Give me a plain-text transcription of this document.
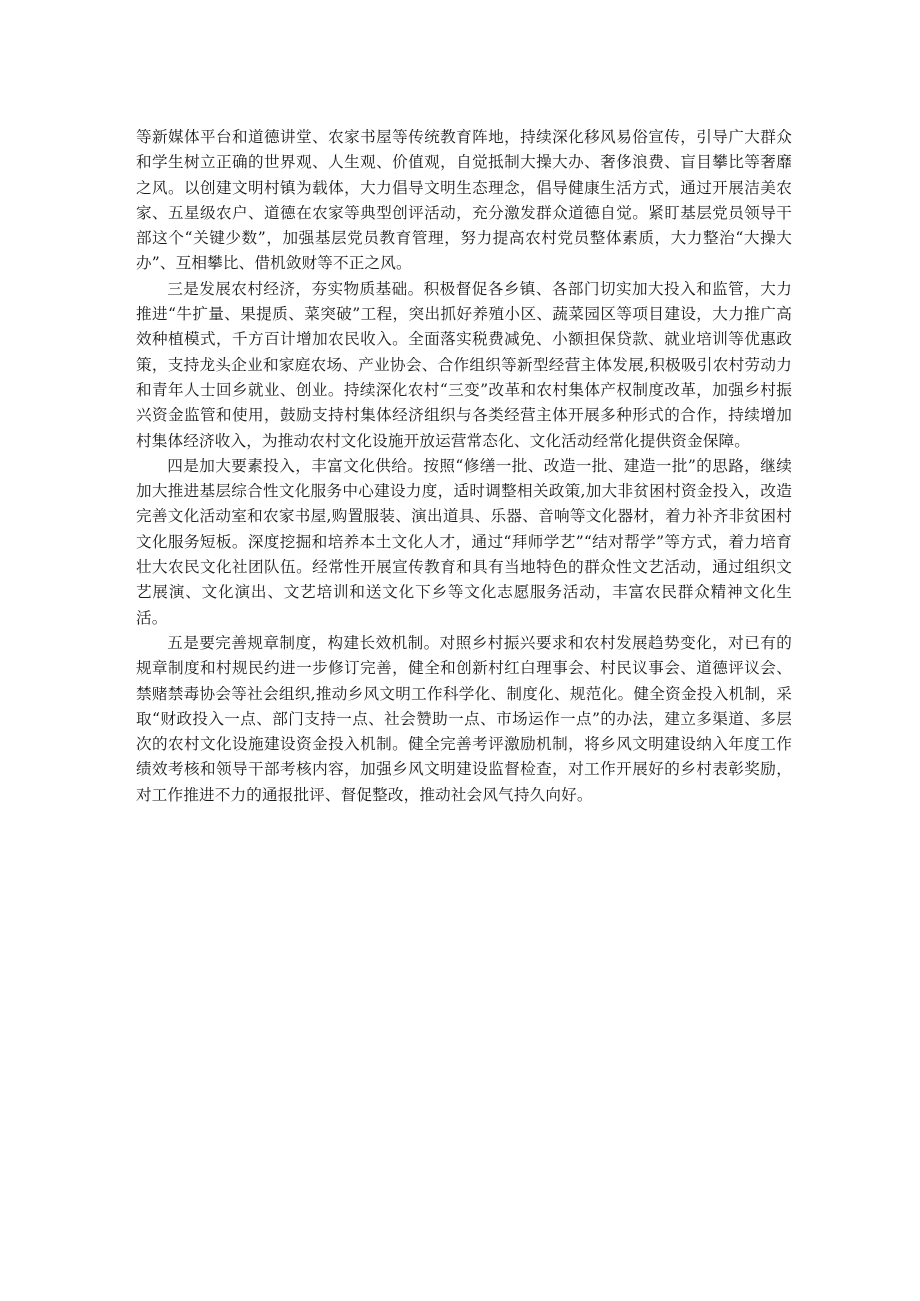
等新媒体平台和道德讲堂、农家书屋等传统教育阵地，持续深化移风易俗宣传，引导广大群众和学生树立正确的世界观、人生观、价值观，自觉抵制大操大办、奢侈浪费、盲目攀比等奢靡之风。以创建文明村镇为载体，大力倡导文明生态理念，倡导健康生活方式，通过开展洁美农家、五星级农户、道德在农家等典型创评活动，充分激发群众道德自觉。紧盯基层党员领导干部这个“关键少数”，加强基层党员教育管理，努力提高农村党员整体素质，大力整治“大操大办”、互相攀比、借机敛财等不正之风。

三是发展农村经济，夯实物质基础。积极督促各乡镇、各部门切实加大投入和监管，大力推进“牛扩量、果提质、菜突破”工程，突出抓好养殖小区、蔬菜园区等项目建设，大力推广高效种植模式，千方百计增加农民收入。全面落实税费减免、小额担保贷款、就业培训等优惠政策，支持龙头企业和家庭农场、产业协会、合作组织等新型经营主体发展,积极吸引农村劳动力和青年人士回乡就业、创业。持续深化农村“三变”改革和农村集体产权制度改革，加强乡村振兴资金监管和使用，鼓励支持村集体经济组织与各类经营主体开展多种形式的合作，持续增加村集体经济收入，为推动农村文化设施开放运营常态化、文化活动经常化提供资金保障。

四是加大要素投入，丰富文化供给。按照“修缮一批、改造一批、建造一批”的思路，继续加大推进基层综合性文化服务中心建设力度，适时调整相关政策,加大非贫困村资金投入，改造完善文化活动室和农家书屋,购置服装、演出道具、乐器、音响等文化器材，着力补齐非贫困村文化服务短板。深度挖掘和培养本土文化人才，通过“拜师学艺”“结对帮学”等方式，着力培育壮大农民文化社团队伍。经常性开展宣传教育和具有当地特色的群众性文艺活动，通过组织文艺展演、文化演出、文艺培训和送文化下乡等文化志愿服务活动，丰富农民群众精神文化生活。

五是要完善规章制度，构建长效机制。对照乡村振兴要求和农村发展趋势变化，对已有的规章制度和村规民约进一步修订完善，健全和创新村红白理事会、村民议事会、道德评议会、禁赌禁毒协会等社会组织,推动乡风文明工作科学化、制度化、规范化。健全资金投入机制，采取“财政投入一点、部门支持一点、社会赞助一点、市场运作一点”的办法，建立多渠道、多层次的农村文化设施建设资金投入机制。健全完善考评激励机制，将乡风文明建设纳入年度工作绩效考核和领导干部考核内容，加强乡风文明建设监督检查，对工作开展好的乡村表彰奖励，对工作推进不力的通报批评、督促整改，推动社会风气持久向好。
